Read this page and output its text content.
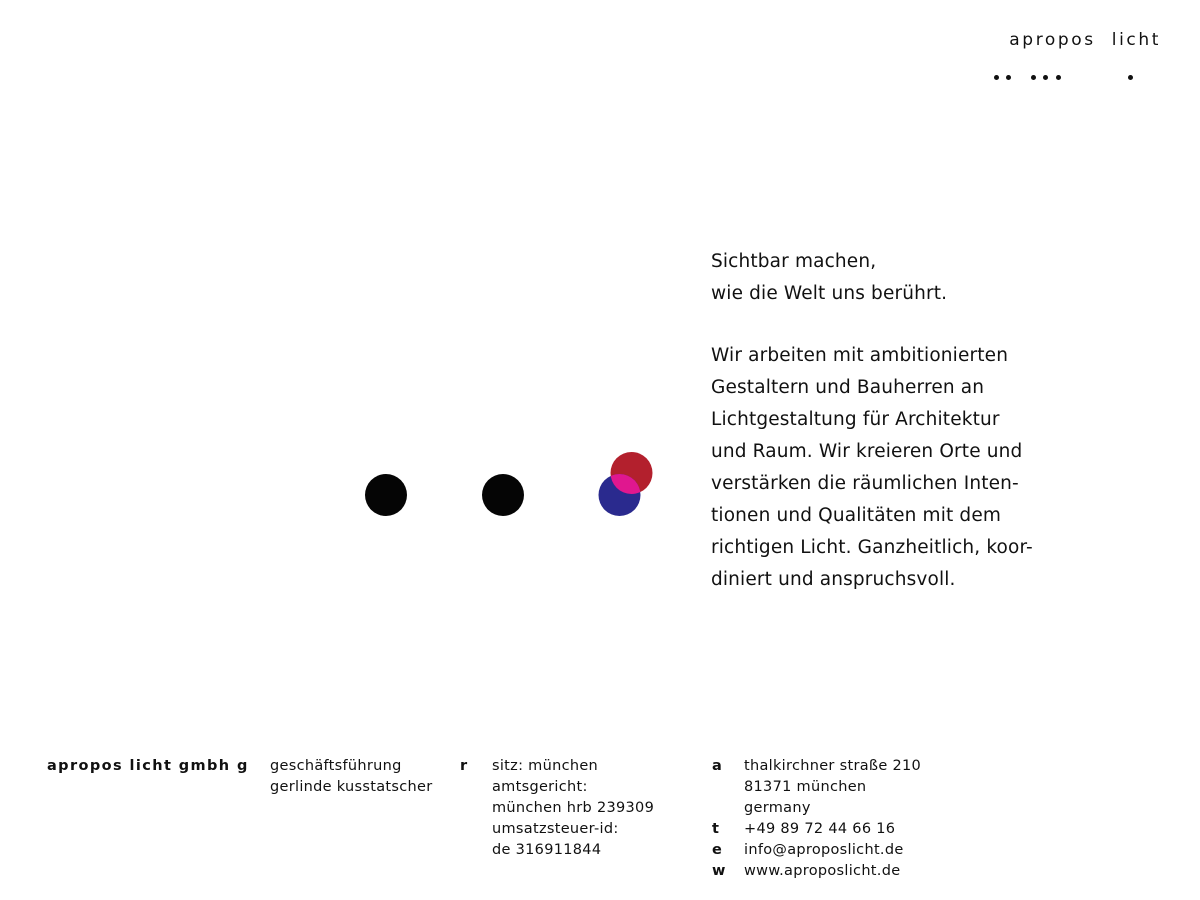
apropos  licht

Sichtbar machen,
wie die Welt uns berührt.

Wir arbeiten mit ambitionierten
Gestaltern und Bauherren an
Lichtgestaltung für Architektur
und Raum. Wir kreieren Orte und
verstärken die räumlichen Inten-
tionen und Qualitäten mit dem
richtigen Licht. Ganzheitlich, koor-
diniert und anspruchsvoll.

apropos licht gmbh g geschäftsführung
gerlinde kusstatscher
r	sitz: münchen
amtsgericht:
münchen hrb 239309
umsatzsteuer-id:
de 316911844
a	thalkirchner straße 210
81371 münchen
germany
t	+49 89 72 44 66 16
e	info@aproposlicht.de
w	www.aproposlicht.de
